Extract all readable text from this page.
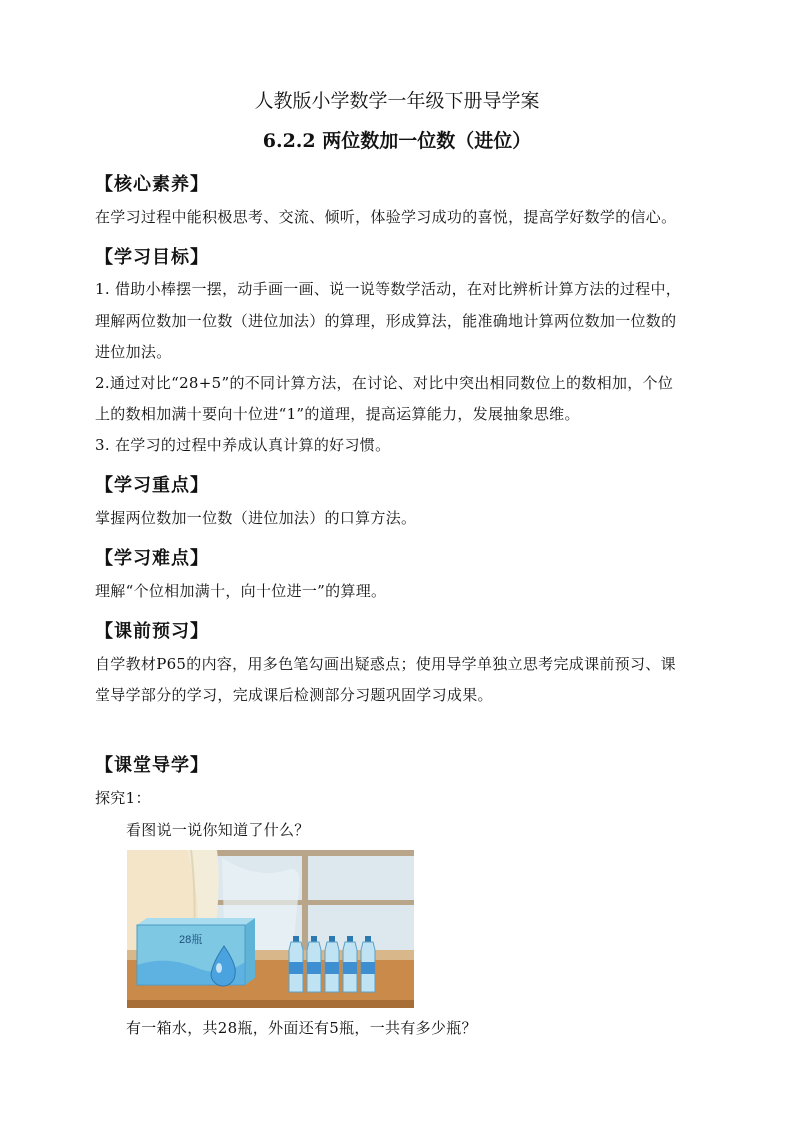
人教版小学数学一年级下册导学案
6.2.2 两位数加一位数（进位）
【核心素养】

在学习过程中能积极思考、交流、倾听，体验学习成功的喜悦，提高学好数学的信心。

【学习目标】

1. 借助小棒摆一摆，动手画一画、说一说等数学活动，在对比辨析计算方法的过程中，

理解两位数加一位数（进位加法）的算理，形成算法，能准确地计算两位数加一位数的

进位加法。

2.通过对比“28+5”的不同计算方法，在讨论、对比中突出相同数位上的数相加，个位

上的数相加满十要向十位进“1”的道理，提高运算能力，发展抽象思维。

3. 在学习的过程中养成认真计算的好习惯。

【学习重点】

掌握两位数加一位数（进位加法）的口算方法。

【学习难点】

理解“个位相加满十，向十位进一”的算理。

【课前预习】

自学教材P65的内容，用多色笔勾画出疑惑点；使用导学单独立思考完成课前预习、课

堂导学部分的学习，完成课后检测部分习题巩固学习成果。

【课堂导学】

探究1：

看图说一说你知道了什么？

28瓶

有一箱水，共28瓶，外面还有5瓶，一共有多少瓶？
